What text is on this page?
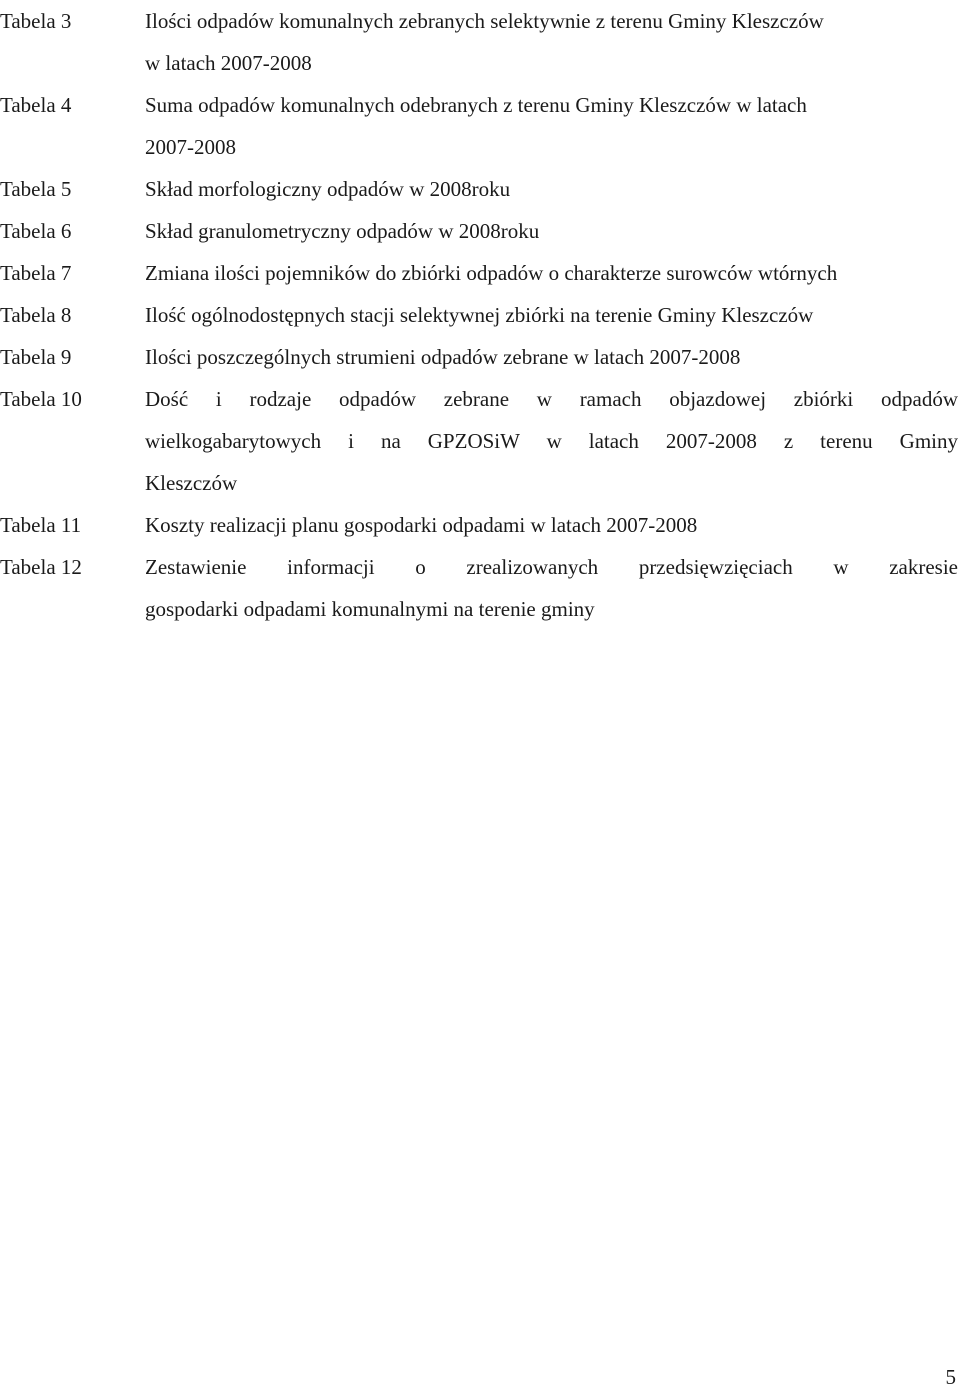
Tabela 3	Ilości odpadów komunalnych zebranych selektywnie z terenu Gminy Kleszczów
w latach 2007-2008
Tabela 4	Suma odpadów komunalnych odebranych z terenu Gminy Kleszczów w latach
2007-2008
Tabela 5	Skład morfologiczny odpadów w 2008roku
Tabela 6	Skład granulometryczny odpadów w 2008roku
Tabela 7	Zmiana ilości pojemników do zbiórki odpadów o charakterze surowców wtórnych
Tabela 8	Ilość ogólnodostępnych stacji selektywnej zbiórki na terenie Gminy Kleszczów
Tabela 9	Ilości poszczególnych strumieni odpadów zebrane w latach 2007-2008
Tabela 10	Dość i rodzaje odpadów zebrane w ramach objazdowej zbiórki odpadów
wielkogabarytowych i na GPZOSiW w latach 2007-2008 z terenu Gminy
Kleszczów
Tabela 11	Koszty realizacji planu gospodarki odpadami w latach 2007-2008
Tabela 12	Zestawienie informacji o zrealizowanych przedsięwzięciach w zakresie
gospodarki odpadami komunalnymi na terenie gminy
5
